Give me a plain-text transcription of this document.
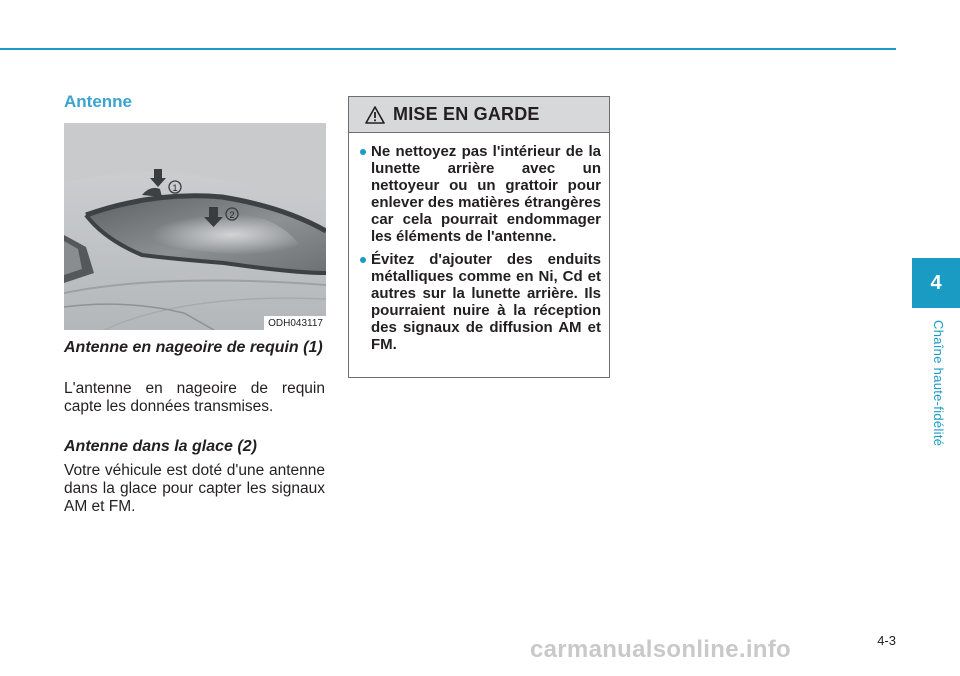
Antenne
1
2
ODH043117
Antenne en nageoire de requin (1)

L'antenne en nageoire de requin capte les données transmises.

Antenne dans la glace (2)

Votre véhicule est doté d'une antenne dans la glace pour capter les signaux AM et FM.

MISE EN GARDE
Ne nettoyez pas l'intérieur de la lunette arrière avec un nettoyeur ou un grattoir pour enlever des matières étrangères car cela pourrait endommager les éléments de l'antenne.
Évitez d'ajouter des enduits métalliques comme en Ni, Cd et autres sur la lunette arrière. Ils pourraient nuire à la réception des signaux de diffusion AM et FM.
4
Chaîne haute-fidélité
carmanualsonline.info	4-3
